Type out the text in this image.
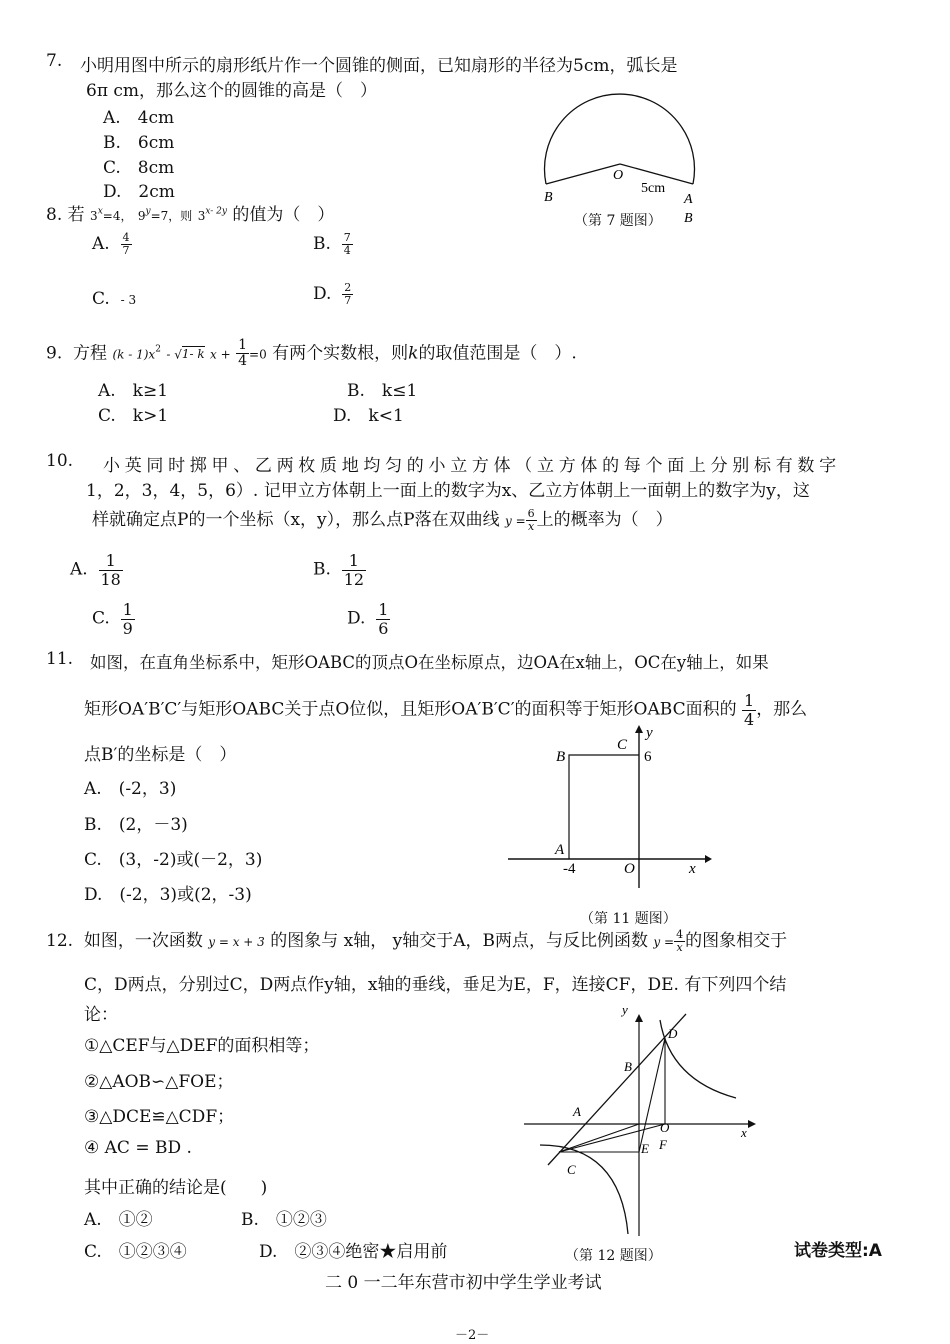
7. 小明用图中所示的扇形纸片作一个圆锥的侧面，已知扇形的半径为5cm，弧长是
6π cm，那么这个的圆锥的高是（　）
A.　4cm
B.　6cm
C.　8cm
D.　2cm
O
B	A
5cm
B
（第 7 题图）
8. 若 $3^x=4$， $9^y=7$，则 $3^{x- 2y}$ 的值为（　）
A. $\frac{4}{7}$	B. $\frac{7}{4}$
C. - 3	D. $\frac{2}{7}$
9. 方程 $(k - 1)x^2 - √1-$ k $x + \frac{1}{4} =0$ 有两个实数根，则k的取值范围是（　）.
A.　k≥1	B.　k≤1
C.　k>1	D.　k<1
10. 小英同时掷甲、乙两枚质地均匀的小立方体（立方体的每个面上分别标有数字
1，2，3，4，5，6）. 记甲立方体朝上一面上的数字为x、乙立方体朝上一面朝上的数字为y，这
样就确定点P的一个坐标（x，y），那么点P落在双曲线 $y = \frac{6}{x}$ 上的概率为（　）
A. $\frac{1}{18}$	B. $\frac{1}{12}$
C. $\frac{1}{9}$	D. $\frac{1}{6}$
11. 如图，在直角坐标系中，矩形OABC的顶点O在坐标原点，边OA在x轴上，OC在y轴上，如果
矩形OA′B′C′与矩形OABC关于点O位似，且矩形OA′B′C′的面积等于矩形OABC面积的 $\frac{1}{4}$ ，那么
点B′的坐标是（　）
A.　(-2，3)
B.　(2，－3)
C.　(3，-2)或(－2，3)
D.　(-2，3)或(2，-3)
B
C
A
O
y
x
6
-4
（第 11 题图）
12. 如图，一次函数 y = x + 3 的图象与 x轴， y轴交于A，B两点，与反比例函数 $y = \frac{4}{x}$ 的图象相交于
C，D两点，分别过C，D两点作y轴，x轴的垂线，垂足为E，F，连接CF，DE. 有下列四个结
论：
①△CEF与△DEF的面积相等；
②△AOB∽△FOE；
③△DCE≌△CDF；
④ AC = BD .
其中正确的结论是(　　)
A.　①②	B.　①②③
C.　①②③④	D.　②③④绝密★启用前
y
x
D
B
A
O
E F
C
（第 12 题图）	试卷类型:A
二 0 一二年东营市初中学生学业考试
－2－
